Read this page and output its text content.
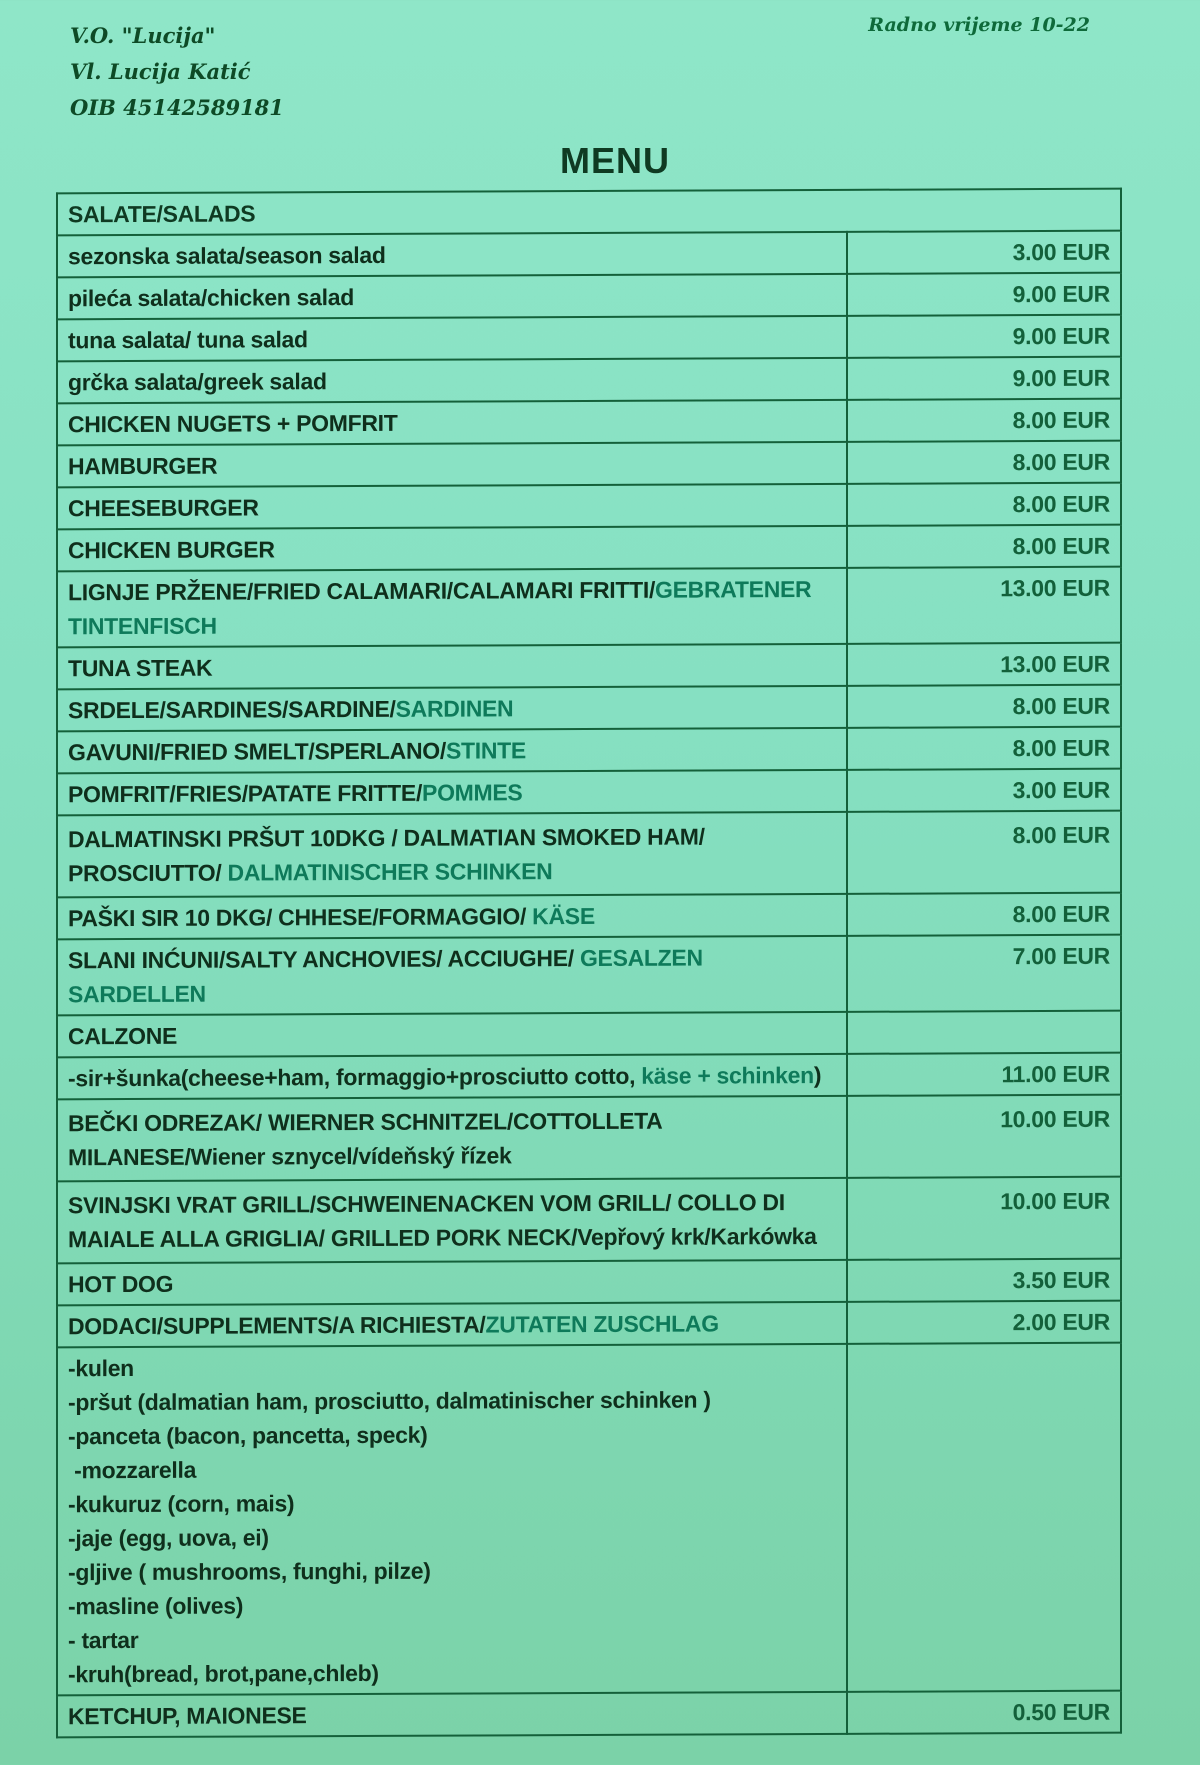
V.O. "Lucija"
Vl. Lucija Katić
OIB 45142589181
Radno vrijeme 10-22
MENU
SALATE/SALADS	
sezonska salata/season salad	3.00 EUR
pileća salata/chicken salad	9.00 EUR
tuna salata/ tuna salad	9.00 EUR
grčka salata/greek salad	9.00 EUR
CHICKEN NUGETS + POMFRIT	8.00 EUR
HAMBURGER	8.00 EUR
CHEESEBURGER	8.00 EUR
CHICKEN BURGER	8.00 EUR
LIGNJE PRŽENE/FRIED CALAMARI/CALAMARI FRITTI/GEBRATENER TINTENFISCH	13.00 EUR
TUNA STEAK	13.00 EUR
SRDELE/SARDINES/SARDINE/SARDINEN	8.00 EUR
GAVUNI/FRIED SMELT/SPERLANO/STINTE	8.00 EUR
POMFRIT/FRIES/PATATE FRITTE/POMMES	3.00 EUR
DALMATINSKI PRŠUT 10DKG / DALMATIAN SMOKED HAM/ PROSCIUTTO/ DALMATINISCHER SCHINKEN	8.00 EUR
PAŠKI SIR 10 DKG/ CHHESE/FORMAGGIO/ KÄSE	8.00 EUR
SLANI INĆUNI/SALTY ANCHOVIES/ ACCIUGHE/ GESALZEN SARDELLEN	7.00 EUR
CALZONE	
-sir+šunka(cheese+ham, formaggio+prosciutto cotto, käse + schinken)	11.00 EUR
BEČKI ODREZAK/ WIERNER SCHNITZEL/COTTOLLETA MILANESE/Wiener sznycel/vídeňský řízek	10.00 EUR
SVINJSKI VRAT GRILL/SCHWEINENACKEN VOM GRILL/ COLLO DI MAIALE ALLA GRIGLIA/ GRILLED PORK NECK/Vepřový krk/Karkówka	10.00 EUR
HOT DOG	3.50 EUR
DODACI/SUPPLEMENTS/A RICHIESTA/ZUTATEN ZUSCHLAG	2.00 EUR

-kulen
-pršut (dalmatian ham, prosciutto, dalmatinischer schinken )
-panceta (bacon, pancetta, speck)
-mozzarella
-kukuruz (corn, mais)
-jaje (egg, uova, ei)
-gljive ( mushrooms, funghi, pilze)
-masline (olives)
- tartar
-kruh(bread, brot,pane,chleb)

KETCHUP, MAIONESE	0.50 EUR
